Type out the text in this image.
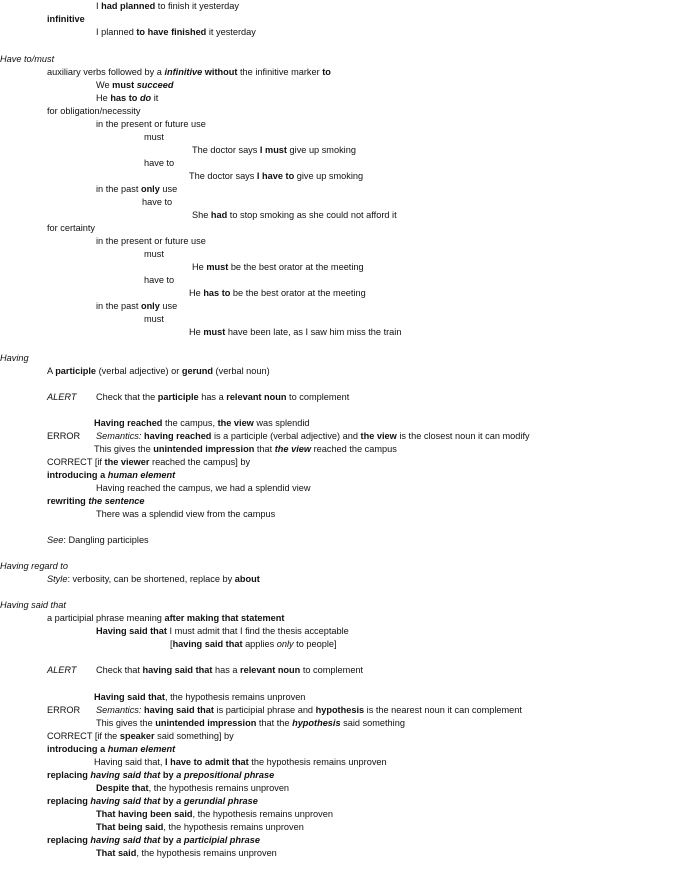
I had planned to finish it yesterday
infinitive
I planned to have finished it yesterday
Have to/must
auxiliary verbs followed by a infinitive without the infinitive marker to
We must succeed
He has to do it
for obligation/necessity
in the present or future use
must
The doctor says I must give up smoking
have to
The doctor says I have to give up smoking
in the past only use
have to
She had to stop smoking as she could not afford it
for certainty
in the present or future use
must
He must be the best orator at the meeting
have to
He has to be the best orator at the meeting
in the past only use
must
He must have been late, as I saw him miss the train
Having
A participle (verbal adjective) or gerund (verbal noun)
ALERT Check that the participle has a relevant noun to complement
Having reached the campus, the view was splendid
ERROR Semantics: having reached is a participle (verbal adjective) and the view is the closest noun it can modify
This gives the unintended impression that the view reached the campus
CORRECT [if the viewer reached the campus] by
introducing a human element
Having reached the campus, we had a splendid view
rewriting the sentence
There was a splendid view from the campus
See: Dangling participles
Having regard to
Style: verbosity, can be shortened, replace by about
Having said that
a participial phrase meaning after making that statement
Having said that I must admit that I find the thesis acceptable
[having said that applies only to people]
ALERT Check that having said that has a relevant noun to complement
Having said that, the hypothesis remains unproven
ERROR Semantics: having said that is participial phrase and hypothesis is the nearest noun it can complement
This gives the unintended impression that the hypothesis said something
CORRECT [if the speaker said something] by
introducing a human element
Having said that, I have to admit that the hypothesis remains unproven
replacing having said that by a prepositional phrase
Despite that, the hypothesis remains unproven
replacing having said that by a gerundial phrase
That having been said, the hypothesis remains unproven
That being said, the hypothesis remains unproven
replacing having said that by a participial phrase
That said, the hypothesis remains unproven
